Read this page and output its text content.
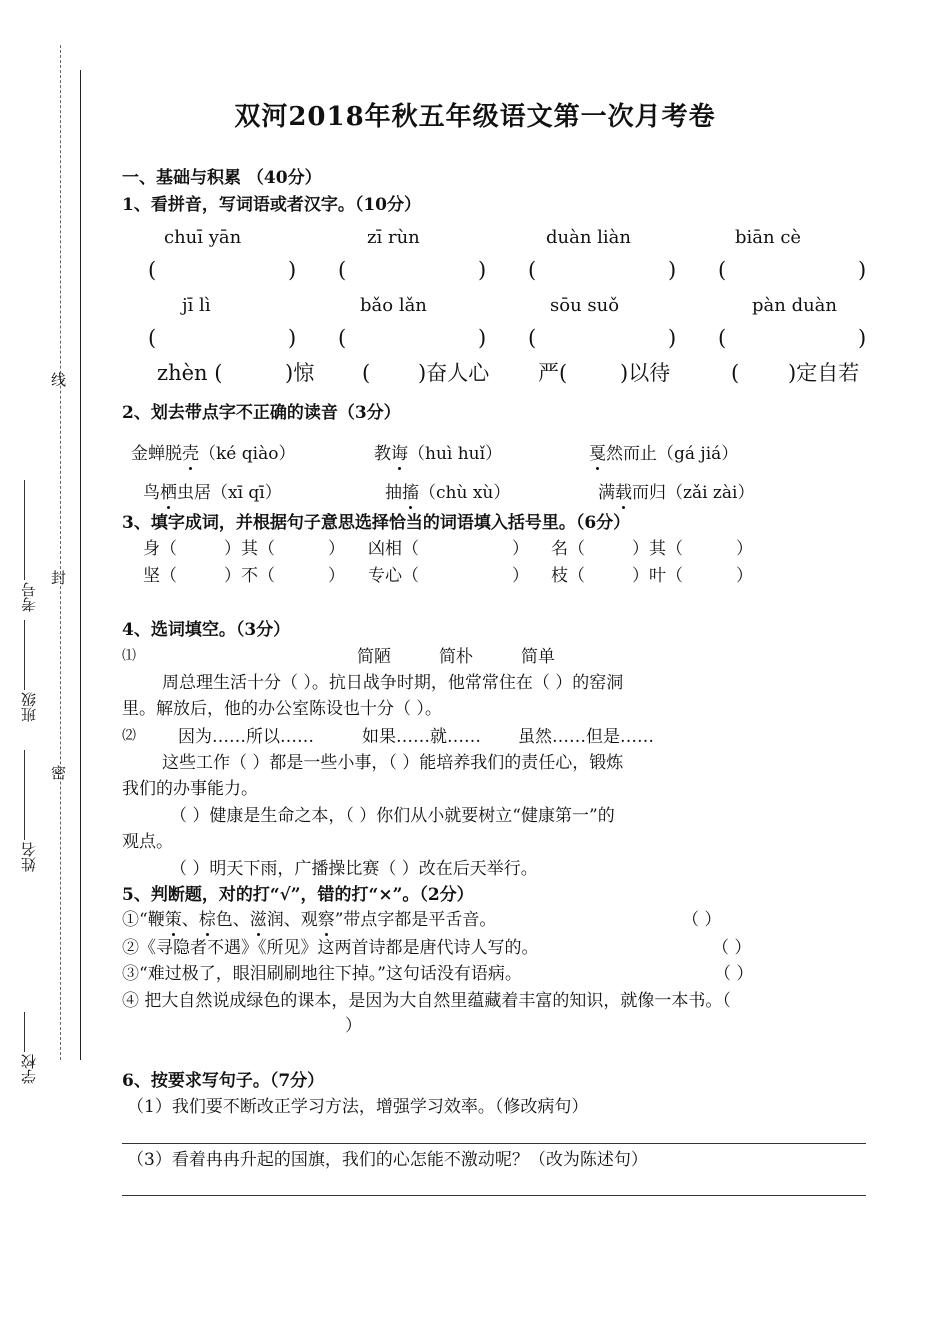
学校
姓名
班级
考号
线
封
密
双河2018年秋五年级语文第一次月考卷
一、基础与积累 （40分）
1、看拼音，写词语或者汉字。（10分）
chuī yān	zī rùn	duàn liàn	biān cè
(	) (	) (	) (	)
jī lì	bǎo lǎn	sōu suǒ	pàn duàn
(	) (	) (	) (	)
zhèn (	)惊 ( )奋人心 严(	)以待	( )定自若
2、划去带点字不正确的读音（3分）
金蝉脱壳（ké qiào）	教诲（huì huǐ）	戛然而止（gá jiá）
鸟栖虫居（xī qī）	抽搐（chù xù）	满载而归（zǎi zài）
3、填字成词，并根据句子意思选择恰当的词语填入括号里。（6分）
身（	）其（	） 凶相（	） 名（	）其（	）
坚（	）不（	） 专心（	） 枝（	）叶（	）
4、选词填空。（3分）
⑴	简陋	简朴	简单
周总理生活十分（ ）。抗日战争时期，他常常住在（ ）的窑洞
里。解放后，他的办公室陈设也十分（ ）。
⑵ 因为……所以……	如果……就…… 虽然……但是……
这些工作（ ）都是一些小事，（ ）能培养我们的责任心，锻炼
我们的办事能力。
（ ）健康是生命之本，（ ）你们从小就要树立“健康第一”的
观点。
（ ）明天下雨，广播操比赛（ ）改在后天举行。
5、判断题，对的打“√”，错的打“×”。（2分）
①“鞭策、棕色、滋润、观察”带点字都是平舌音。	（ ）
②《寻隐者不遇》《所见》这两首诗都是唐代诗人写的。	（ ）
③“难过极了，眼泪刷刷地往下掉。”这句话没有语病。	（ ）
④ 把大自然说成绿色的课本，是因为大自然里蕴藏着丰富的知识，就像一本书。（
）
6、按要求写句子。（7分）
（1）我们要不断改正学习方法，增强学习效率。（修改病句）
（3）看着冉冉升起的国旗，我们的心怎能不激动呢？（改为陈述句）
